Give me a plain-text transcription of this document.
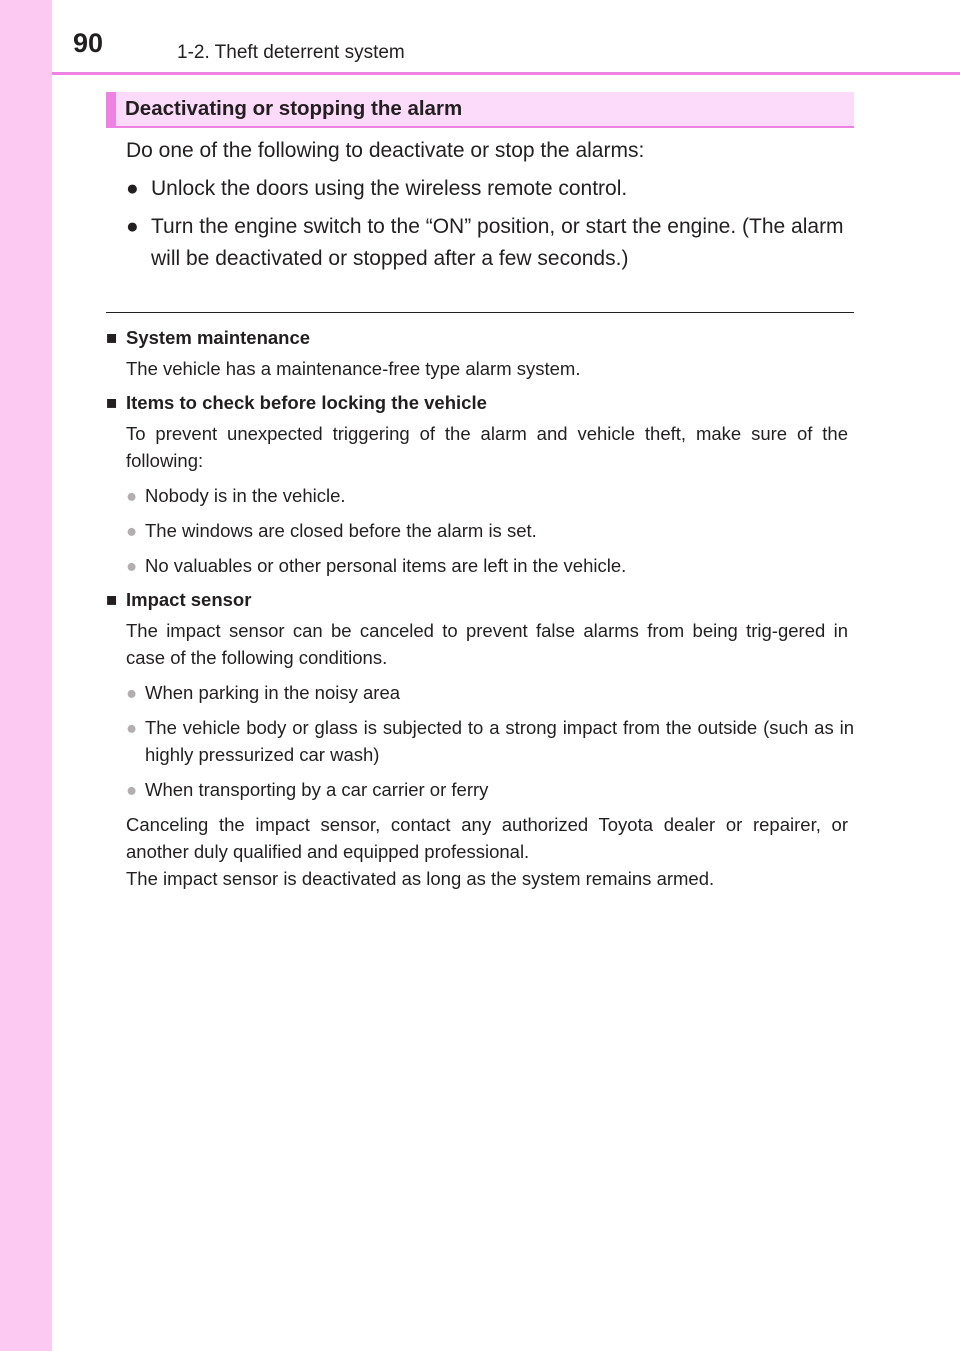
90	1-2. Theft deterrent system
Deactivating or stopping the alarm
Do one of the following to deactivate or stop the alarms:
● Unlock the doors using the wireless remote control.
● Turn the engine switch to the “ON” position, or start the engine. (The alarm will be deactivated or stopped after a few seconds.)
■ System maintenance

The vehicle has a maintenance-free type alarm system.

■ Items to check before locking the vehicle

To prevent unexpected triggering of the alarm and vehicle theft, make sure of the following:

● Nobody is in the vehicle.
● The windows are closed before the alarm is set.
● No valuables or other personal items are left in the vehicle.
■ Impact sensor

The impact sensor can be canceled to prevent false alarms from being trig-gered in case of the following conditions.

● When parking in the noisy area
● The vehicle body or glass is subjected to a strong impact from the outside (such as in highly pressurized car wash)
● When transporting by a car carrier or ferry

Canceling the impact sensor, contact any authorized Toyota dealer or repairer, or another duly qualified and equipped professional.

The impact sensor is deactivated as long as the system remains armed.
